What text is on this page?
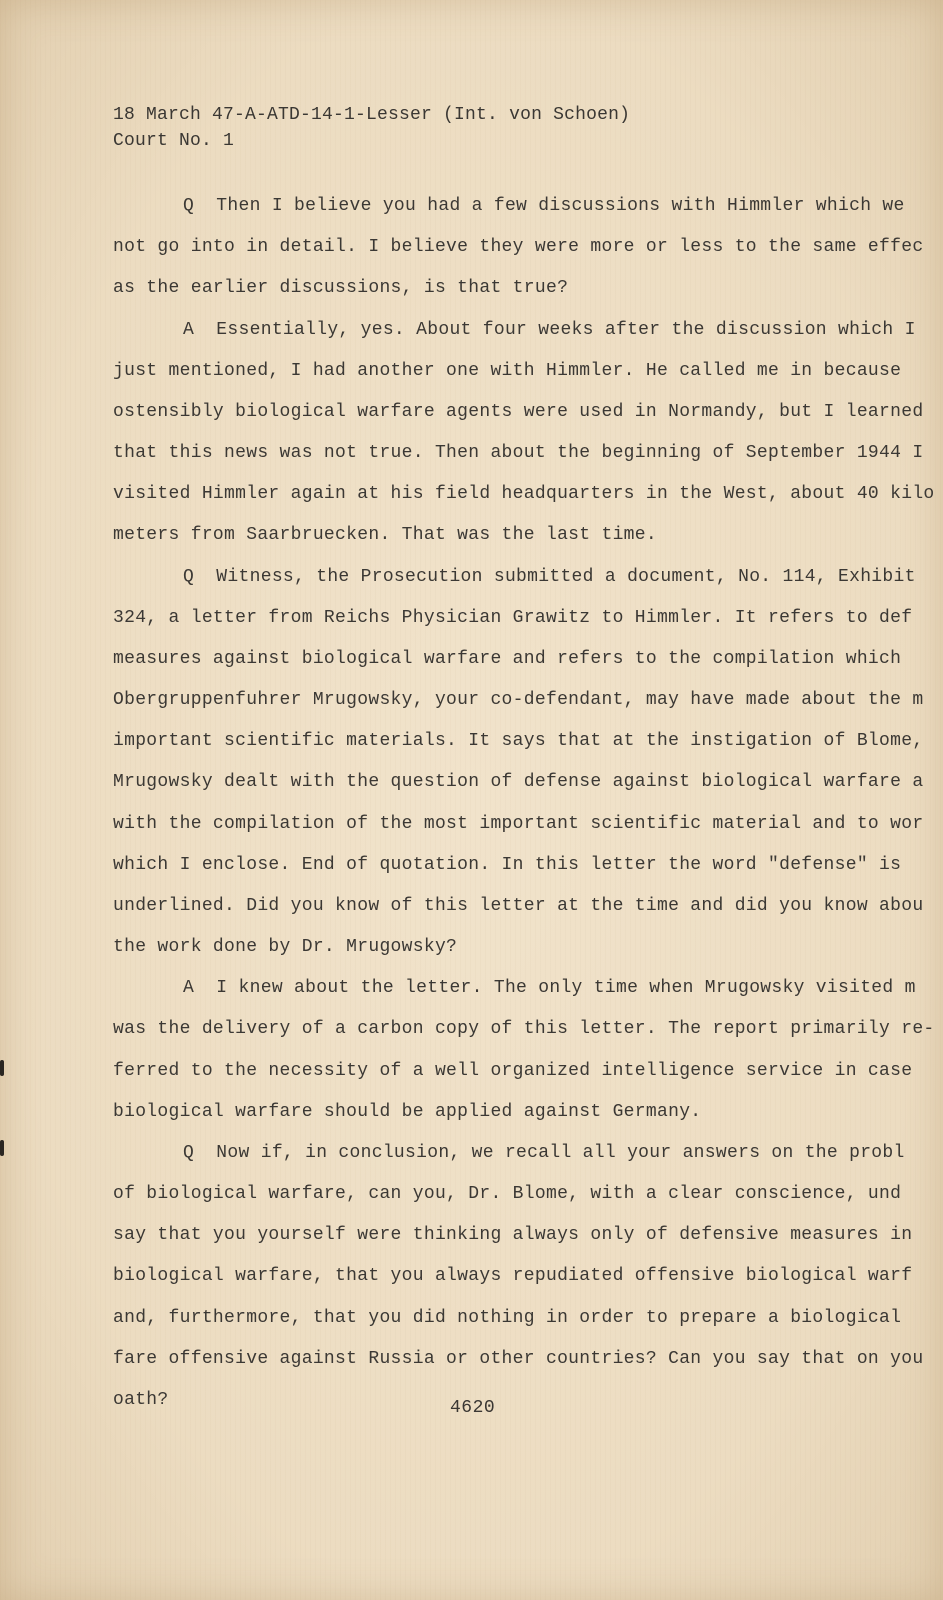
18 March 47-A-ATD-14-1-Lesser (Int. von Schoen)
Court No. 1
Q  Then I believe you had a few discussions with Himmler which we
not go into in detail. I believe they were more or less to the same effec
as the earlier discussions, is that true?
A  Essentially, yes. About four weeks after the discussion which I
just mentioned, I had another one with Himmler. He called me in because
ostensibly biological warfare agents were used in Normandy, but I learned
that this news was not true. Then about the beginning of September 1944 I
visited Himmler again at his field headquarters in the West, about 40 kilo
meters from Saarbruecken. That was the last time.
Q  Witness, the Prosecution submitted a document, No. 114, Exhibit
324, a letter from Reichs Physician Grawitz to Himmler. It refers to def
measures against biological warfare and refers to the compilation which
Obergruppenfuhrer Mrugowsky, your co-defendant, may have made about the m
important scientific materials. It says that at the instigation of Blome,
Mrugowsky dealt with the question of defense against biological warfare a
with the compilation of the most important scientific material and to wor
which I enclose. End of quotation. In this letter the word "defense" is
underlined. Did you know of this letter at the time and did you know abou
the work done by Dr. Mrugowsky?
A  I knew about the letter. The only time when Mrugowsky visited m
was the delivery of a carbon copy of this letter. The report primarily re-
ferred to the necessity of a well organized intelligence service in case
biological warfare should be applied against Germany.
Q  Now if, in conclusion, we recall all your answers on the probl
of biological warfare, can you, Dr. Blome, with a clear conscience, und
say that you yourself were thinking always only of defensive measures in
biological warfare, that you always repudiated offensive biological warf
and, furthermore, that you did nothing in order to prepare a biological
fare offensive against Russia or other countries? Can you say that on you
oath?	4620
